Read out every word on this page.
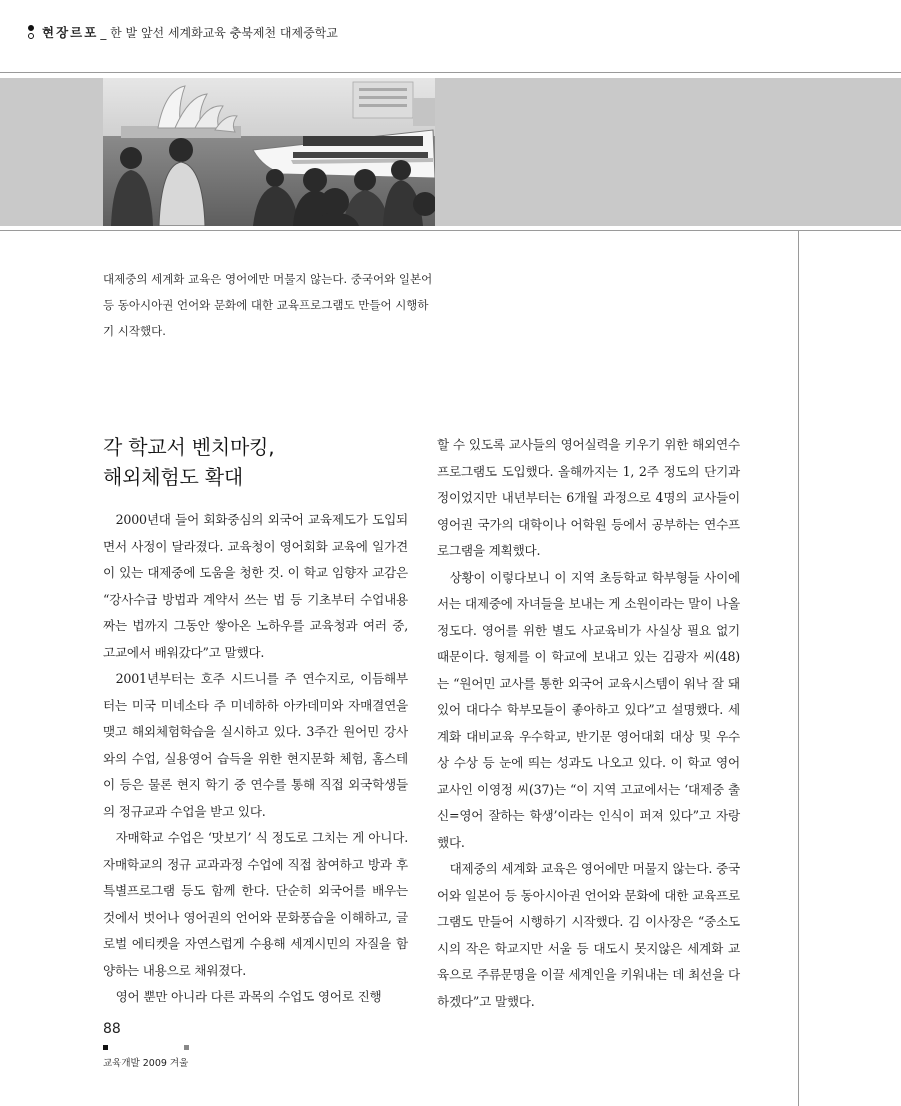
현장르포 _ 한 발 앞선 세계화교육 충북제천 대제중학교
대제중의 세계화 교육은 영어에만 머물지 않는다. 중국어와 일본어 등 동아시아권 언어와 문화에 대한 교육프로그램도 만들어 시행하기 시작했다.
각 학교서 벤치마킹,
해외체험도 확대

2000년대 들어 회화중심의 외국어 교육제도가 도입되면서 사정이 달라졌다. 교육청이 영어회화 교육에 일가견이 있는 대제중에 도움을 청한 것. 이 학교 임향자 교감은 “강사수급 방법과 계약서 쓰는 법 등 기초부터 수업내용 짜는 법까지 그동안 쌓아온 노하우를 교육청과 여러 중, 고교에서 배워갔다”고 말했다.

2001년부터는 호주 시드니를 주 연수지로, 이듬해부터는 미국 미네소타 주 미네하하 아카데미와 자매결연을 맺고 해외체험학습을 실시하고 있다. 3주간 원어민 강사와의 수업, 실용영어 습득을 위한 현지문화 체험, 홈스테이 등은 물론 현지 학기 중 연수를 통해 직접 외국학생들의 정규교과 수업을 받고 있다.

자매학교 수업은 ‘맛보기’ 식 정도로 그치는 게 아니다. 자매학교의 정규 교과과정 수업에 직접 참여하고 방과 후 특별프로그램 등도 함께 한다. 단순히 외국어를 배우는 것에서 벗어나 영어권의 언어와 문화풍습을 이해하고, 글로벌 에티켓을 자연스럽게 수용해 세계시민의 자질을 함양하는 내용으로 채워졌다.

영어 뿐만 아니라 다른 과목의 수업도 영어로 진행

할 수 있도록 교사들의 영어실력을 키우기 위한 해외연수프로그램도 도입했다. 올해까지는 1, 2주 정도의 단기과정이었지만 내년부터는 6개월 과정으로 4명의 교사들이 영어권 국가의 대학이나 어학원 등에서 공부하는 연수프로그램을 계획했다.

상황이 이렇다보니 이 지역 초등학교 학부형들 사이에서는 대제중에 자녀들을 보내는 게 소원이라는 말이 나올 정도다. 영어를 위한 별도 사교육비가 사실상 필요 없기 때문이다. 형제를 이 학교에 보내고 있는 김광자 씨(48)는 “원어민 교사를 통한 외국어 교육시스템이 워낙 잘 돼 있어 대다수 학부모들이 좋아하고 있다”고 설명했다. 세계화 대비교육 우수학교, 반기문 영어대회 대상 및 우수상 수상 등 눈에 띄는 성과도 나오고 있다. 이 학교 영어교사인 이영정 씨(37)는 “이 지역 고교에서는 ‘대제중 출신=영어 잘하는 학생’이라는 인식이 퍼져 있다”고 자랑했다.

대제중의 세계화 교육은 영어에만 머물지 않는다. 중국어와 일본어 등 동아시아권 언어와 문화에 대한 교육프로그램도 만들어 시행하기 시작했다. 김 이사장은 “중소도시의 작은 학교지만 서울 등 대도시 못지않은 세계화 교육으로 주류문명을 이끌 세계인을 키워내는 데 최선을 다하겠다”고 말했다.

88
교육개발 2009 겨울
